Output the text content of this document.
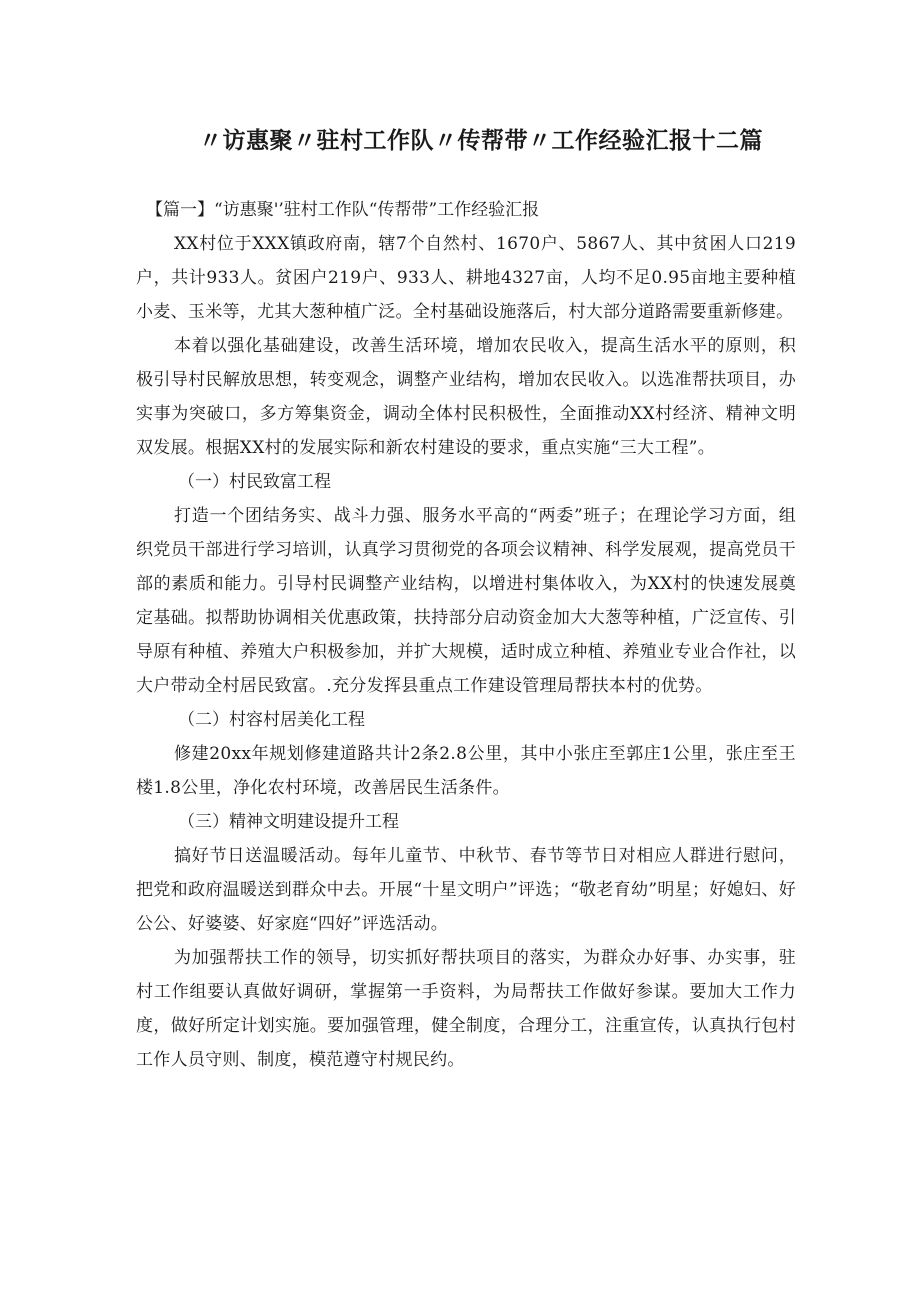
〃访惠聚〃驻村工作队〃传帮带〃工作经验汇报十二篇

【篇一】“访惠聚'’驻村工作队“传帮带”工作经验汇报

XX村位于XXX镇政府南，辖7个自然村、1670户、5867人、其中贫困人口219户，共计933人。贫困户219户、933人、耕地4327亩，人均不足0.95亩地主要种植小麦、玉米等，尤其大葱种植广泛。全村基础设施落后，村大部分道路需要重新修建。

本着以强化基础建设，改善生活环境，增加农民收入，提高生活水平的原则，积极引导村民解放思想，转变观念，调整产业结构，增加农民收入。以选准帮扶项目，办实事为突破口，多方筹集资金，调动全体村民积极性，全面推动XX村经济、精神文明双发展。根据XX村的发展实际和新农村建设的要求，重点实施“三大工程”。

（一）村民致富工程

打造一个团结务实、战斗力强、服务水平高的“两委”班子；在理论学习方面，组织党员干部进行学习培训，认真学习贯彻党的各项会议精神、科学发展观，提高党员干部的素质和能力。引导村民调整产业结构，以增进村集体收入，为XX村的快速发展奠定基础。拟帮助协调相关优惠政策，扶持部分启动资金加大大葱等种植，广泛宣传、引导原有种植、养殖大户积极参加，并扩大规模，适时成立种植、养殖业专业合作社，以大户带动全村居民致富。.充分发挥县重点工作建设管理局帮扶本村的优势。

（二）村容村居美化工程

修建20xx年规划修建道路共计2条2.8公里，其中小张庄至郭庄1公里，张庄至王楼1.8公里，净化农村环境，改善居民生活条件。

（三）精神文明建设提升工程

搞好节日送温暖活动。每年儿童节、中秋节、春节等节日对相应人群进行慰问，把党和政府温暖送到群众中去。开展“十星文明户”评选；“敬老育幼”明星；好媳妇、好公公、好婆婆、好家庭“四好”评选活动。

为加强帮扶工作的领导，切实抓好帮扶项目的落实，为群众办好事、办实事，驻村工作组要认真做好调研，掌握第一手资料，为局帮扶工作做好参谋。要加大工作力度，做好所定计划实施。要加强管理，健全制度，合理分工，注重宣传，认真执行包村工作人员守则、制度，模范遵守村规民约。
